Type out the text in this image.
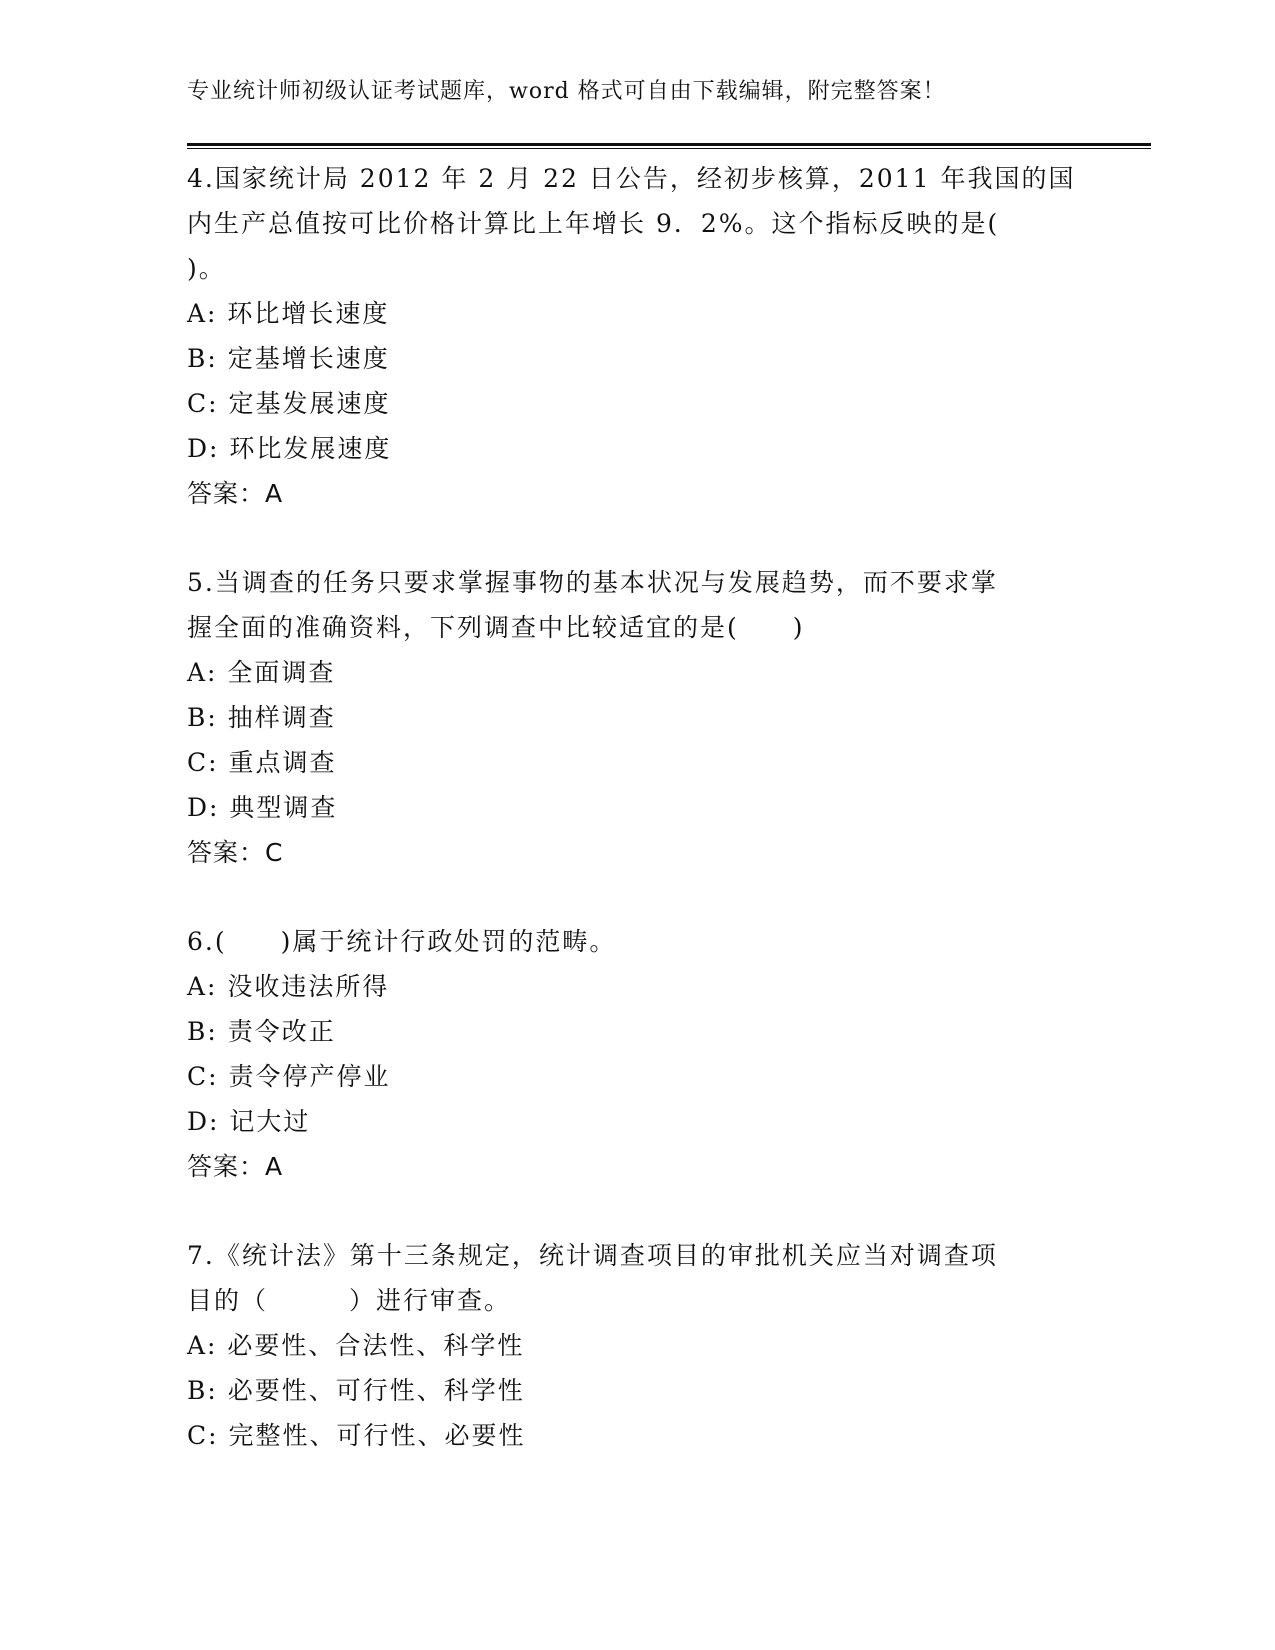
专业统计师初级认证考试题库，word 格式可自由下载编辑，附完整答案！
4.国家统计局 2012 年 2 月 22 日公告，经初步核算，2011 年我国的国
内生产总值按可比价格计算比上年增长 9．2%。这个指标反映的是(
)。
A: 环比增长速度
B: 定基增长速度
C: 定基发展速度
D: 环比发展速度
答案：A
5.当调查的任务只要求掌握事物的基本状况与发展趋势，而不要求掌
握全面的准确资料，下列调查中比较适宜的是(　　)
A: 全面调查
B: 抽样调查
C: 重点调查
D: 典型调查
答案：C
6.(　　)属于统计行政处罚的范畴。
A: 没收违法所得
B: 责令改正
C: 责令停产停业
D: 记大过
答案：A
7.《统计法》第十三条规定，统计调查项目的审批机关应当对调查项
目的（　　　）进行审查。
A: 必要性、合法性、科学性
B: 必要性、可行性、科学性
C: 完整性、可行性、必要性
